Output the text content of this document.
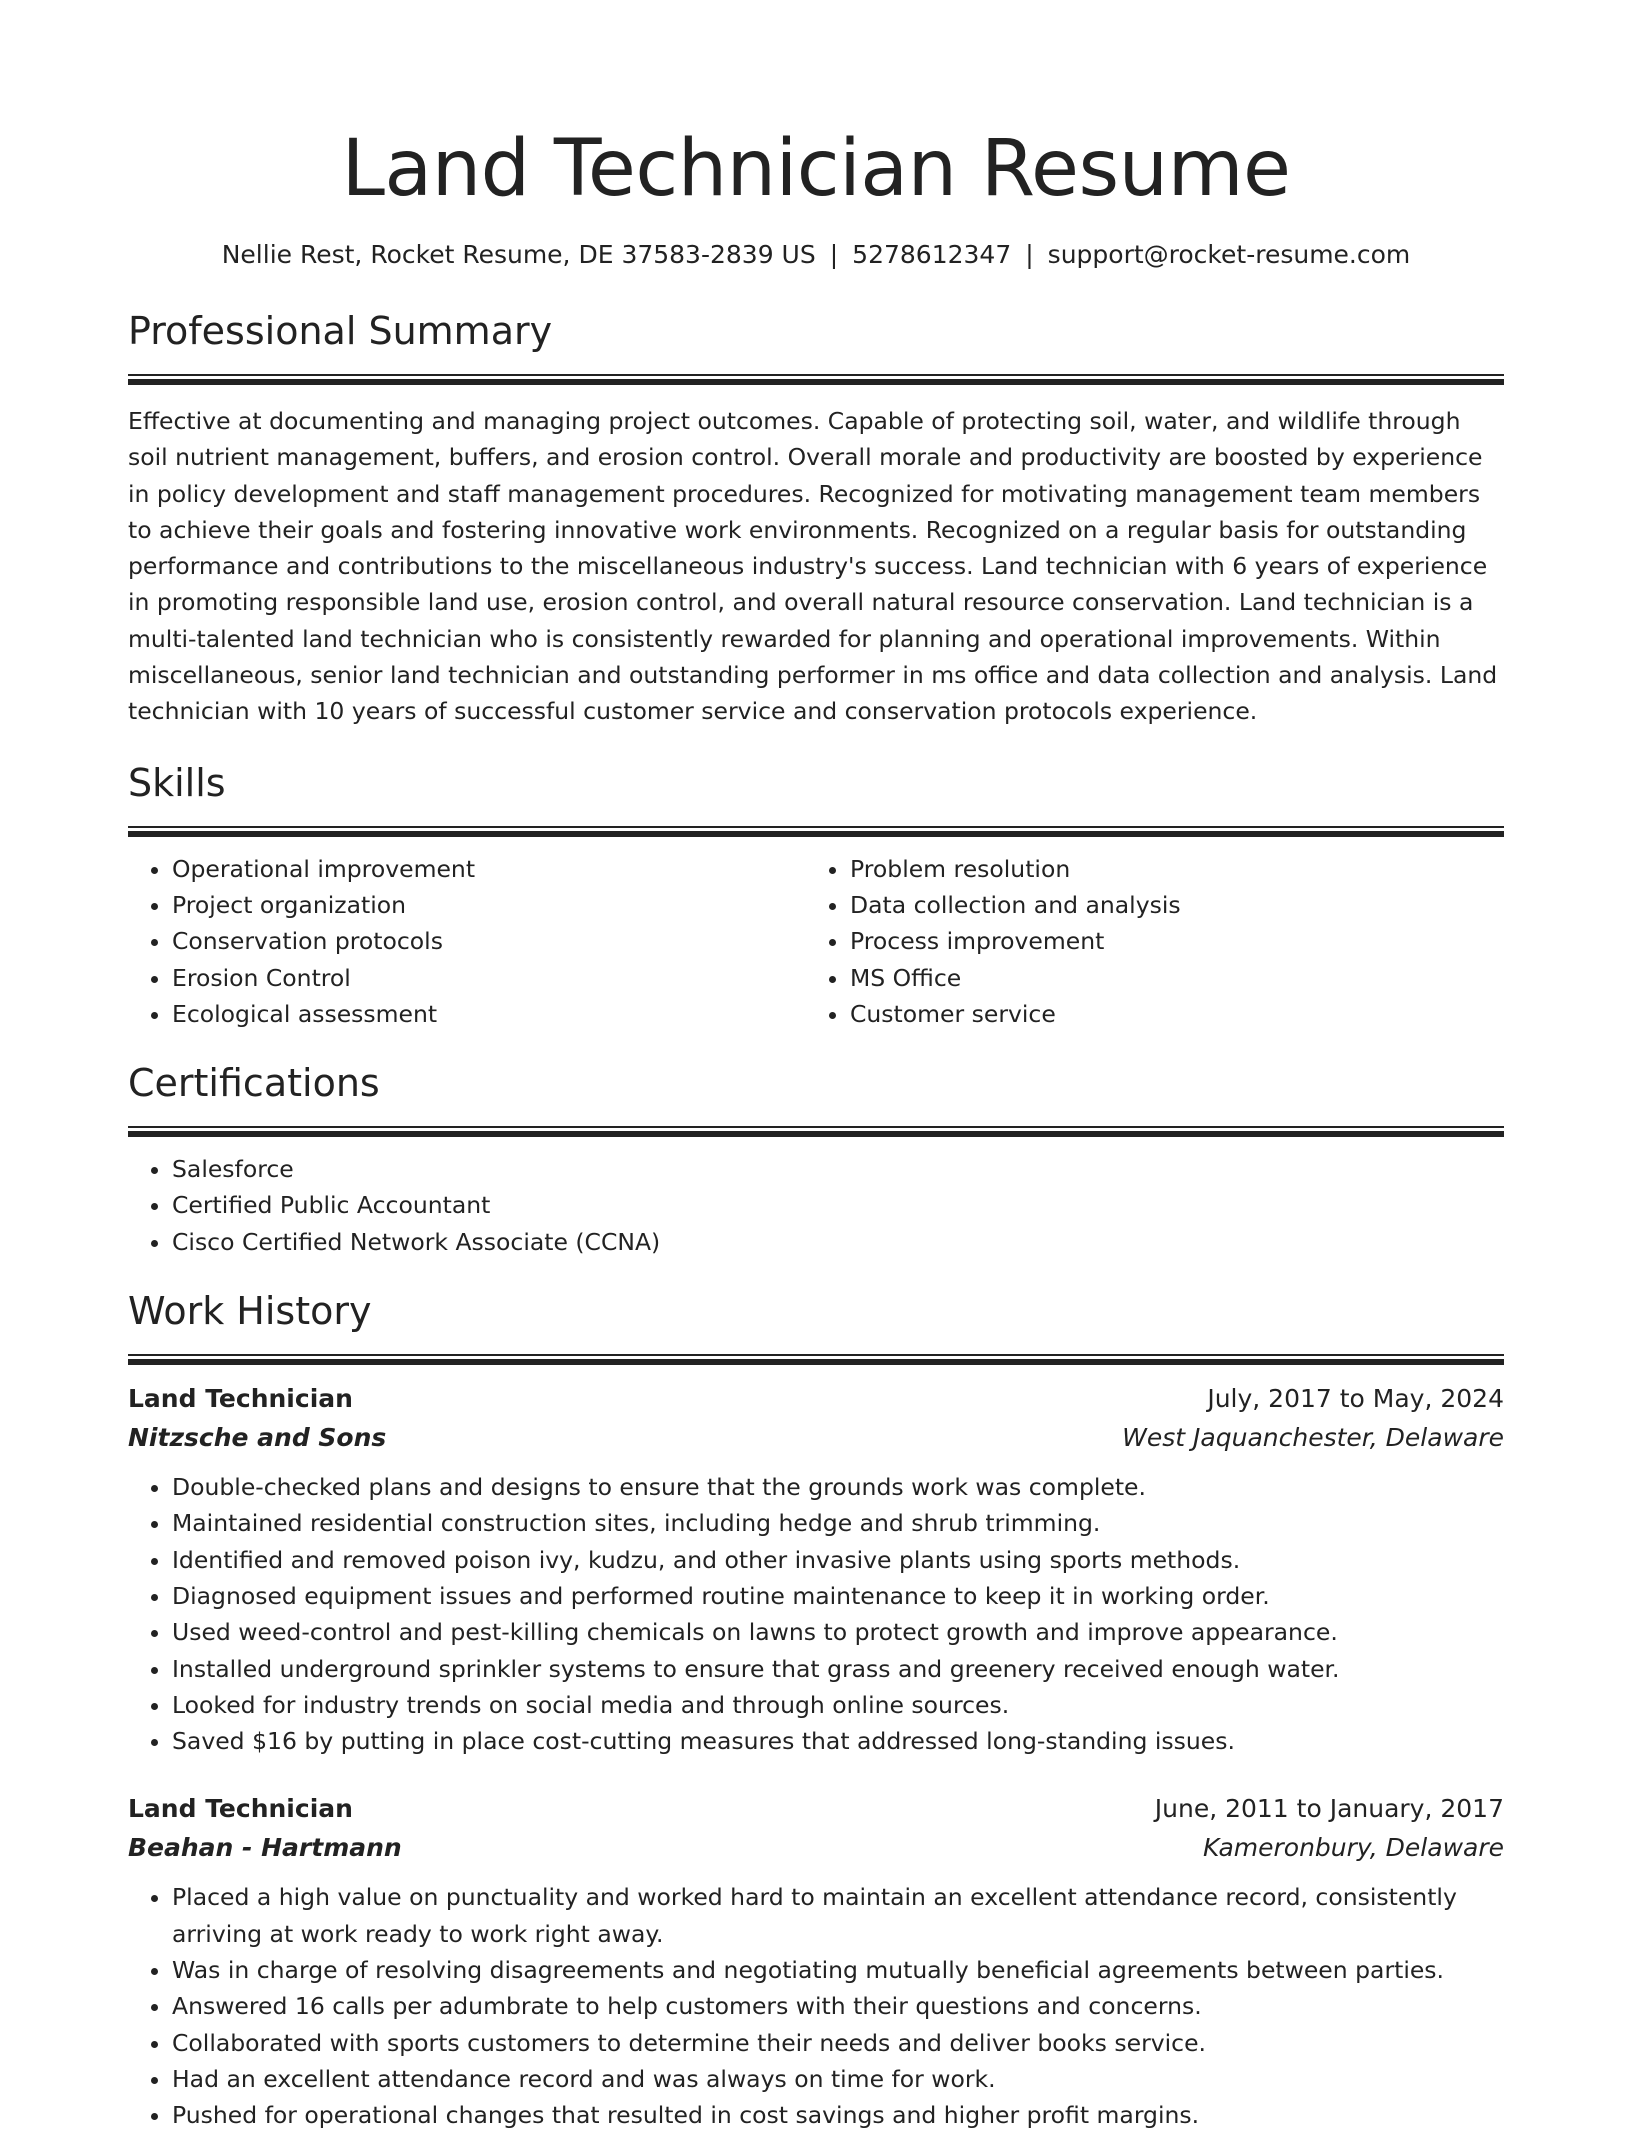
Land Technician Resume
Nellie Rest, Rocket Resume, DE 37583-2839 US | 5278612347 | support@rocket-resume.com
Professional Summary

Effective at documenting and managing project outcomes. Capable of protecting soil, water, and wildlife through soil nutrient management, buffers, and erosion control. Overall morale and productivity are boosted by experience in policy development and staff management procedures. Recognized for motivating management team members to achieve their goals and fostering innovative work environments. Recognized on a regular basis for outstanding performance and contributions to the miscellaneous industry's success. Land technician with 6 years of experience in promoting responsible land use, erosion control, and overall natural resource conservation. Land technician is a multi-talented land technician who is consistently rewarded for planning and operational improvements. Within miscellaneous, senior land technician and outstanding performer in ms office and data collection and analysis. Land technician with 10 years of successful customer service and conservation protocols experience.

Skills
• Operational improvement
• Project organization
• Conservation protocols
• Erosion Control
• Ecological assessment
• Problem resolution
• Data collection and analysis
• Process improvement
• MS Office
• Customer service
Certifications
• Salesforce
• Certified Public Accountant
• Cisco Certified Network Associate (CCNA)
Work History
Land Technician	July, 2017 to May, 2024
Nitzsche and Sons	West Jaquanchester, Delaware
• Double-checked plans and designs to ensure that the grounds work was complete.
• Maintained residential construction sites, including hedge and shrub trimming.
• Identified and removed poison ivy, kudzu, and other invasive plants using sports methods.
• Diagnosed equipment issues and performed routine maintenance to keep it in working order.
• Used weed-control and pest-killing chemicals on lawns to protect growth and improve appearance.
• Installed underground sprinkler systems to ensure that grass and greenery received enough water.
• Looked for industry trends on social media and through online sources.
• Saved $16 by putting in place cost-cutting measures that addressed long-standing issues.
Land Technician	June, 2011 to January, 2017
Beahan - Hartmann	Kameronbury, Delaware
• Placed a high value on punctuality and worked hard to maintain an excellent attendance record, consistently arriving at work ready to work right away.
• Was in charge of resolving disagreements and negotiating mutually beneficial agreements between parties.
• Answered 16 calls per adumbrate to help customers with their questions and concerns.
• Collaborated with sports customers to determine their needs and deliver books service.
• Had an excellent attendance record and was always on time for work.
• Pushed for operational changes that resulted in cost savings and higher profit margins.
